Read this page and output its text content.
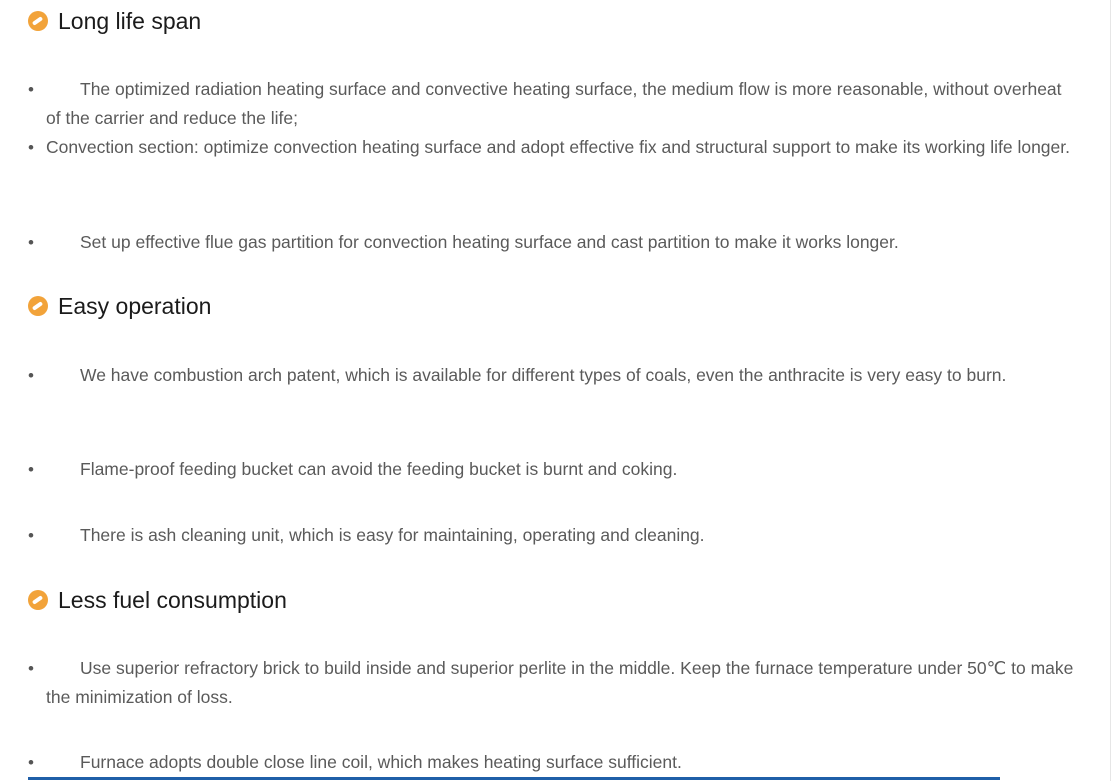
Long life span
•	The optimized radiation heating surface and convective heating surface, the medium flow is more reasonable, without overheat of the carrier and reduce the life;

• Convection section: optimize convection heating surface and adopt effective fix and structural support to make its working life longer.

•	Set up effective flue gas partition for convection heating surface and cast partition to make it works longer.

Easy operation
•	We have combustion arch patent, which is available for different types of coals, even the anthracite is very easy to burn.

•	Flame-proof feeding bucket can avoid the feeding bucket is burnt and coking.

•	There is ash cleaning unit, which is easy for maintaining, operating and cleaning.

Less fuel consumption
•	Use superior refractory brick to build inside and superior perlite in the middle. Keep the furnace temperature under 50℃ to make the minimization of loss.

•	Furnace adopts double close line coil, which makes heating surface sufficient.
